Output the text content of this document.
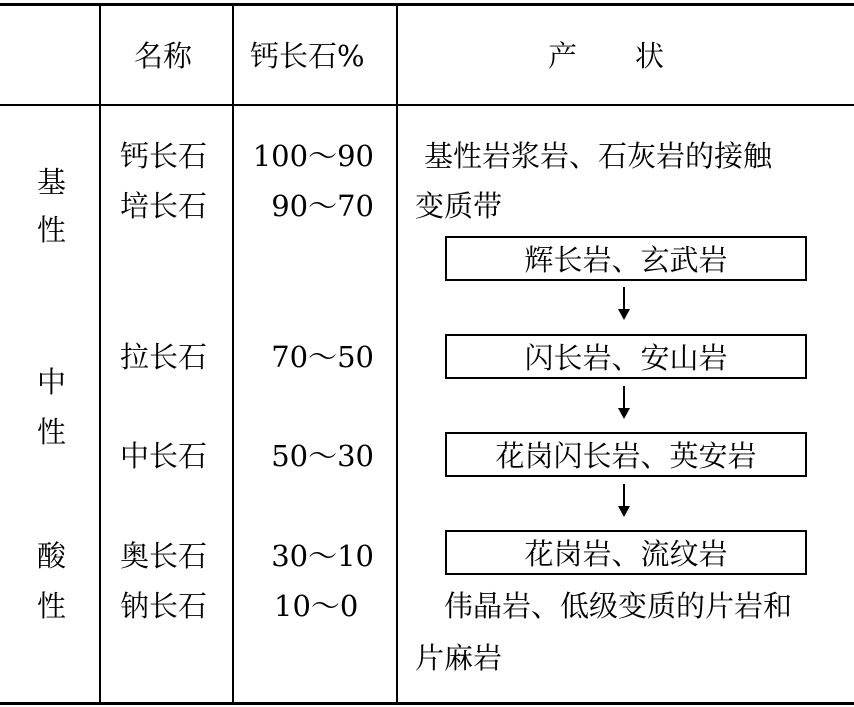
名称 钙长石%	产　　状
基
性
中
性
酸
性
钙长石
培长石
拉长石
中长石
奥长石
钠长石
100～90
90～70
70～50
50～30
30～10
10～0
基性岩浆岩、石灰岩的接触
变质带
辉长岩、玄武岩
闪长岩、安山岩
花岗闪长岩、英安岩
花岗岩、流纹岩
伟晶岩、低级变质的片岩和
片麻岩
